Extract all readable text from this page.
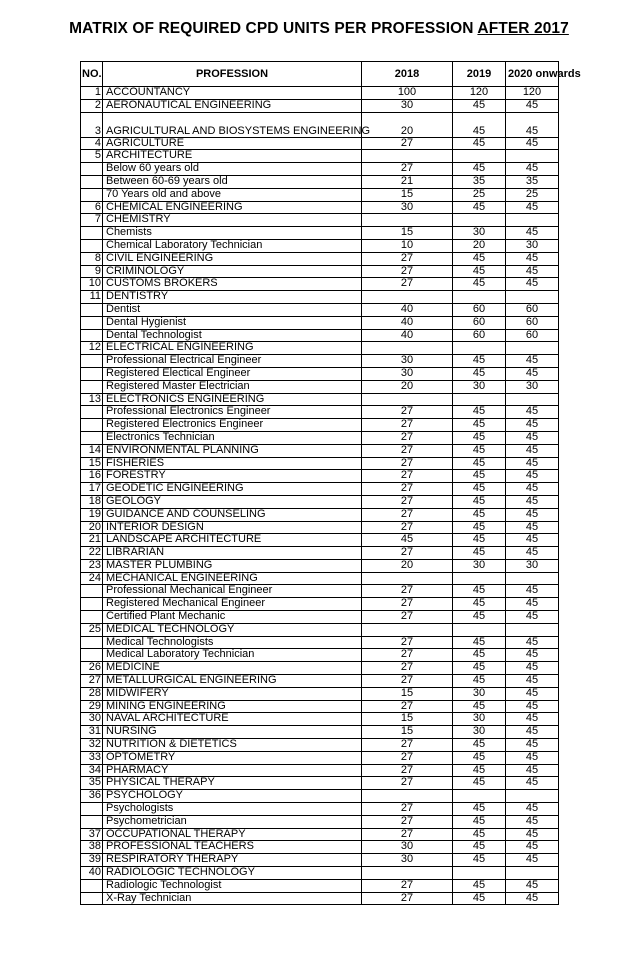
MATRIX OF REQUIRED CPD UNITS PER PROFESSION AFTER 2017
NO.	PROFESSION	2018	2019	2020 onwards
1	ACCOUNTANCY	100	120	120
2	AERONAUTICAL ENGINEERING	30	45	45
3	AGRICULTURAL AND BIOSYSTEMS ENGINEERING	20	45	45
4	AGRICULTURE	27	45	45
5	ARCHITECTURE			
	Below 60 years old	27	45	45
	Between 60-69 years old	21	35	35
	70 Years old and above	15	25	25
6	CHEMICAL ENGINEERING	30	45	45
7	CHEMISTRY			
	Chemists	15	30	45
	Chemical Laboratory Technician	10	20	30
8	CIVIL ENGINEERING	27	45	45
9	CRIMINOLOGY	27	45	45
10	CUSTOMS BROKERS	27	45	45
11	DENTISTRY			
	Dentist	40	60	60
	Dental Hygienist	40	60	60
	Dental Technologist	40	60	60
12	ELECTRICAL ENGINEERING			
	Professional Electrical Engineer	30	45	45
	Registered Electical Engineer	30	45	45
	Registered Master Electrician	20	30	30
13	ELECTRONICS ENGINEERING			
	Professional Electronics Engineer	27	45	45
	Registered Electronics Engineer	27	45	45
	Electronics Technician	27	45	45
14	ENVIRONMENTAL PLANNING	27	45	45
15	FISHERIES	27	45	45
16	FORESTRY	27	45	45
17	GEODETIC ENGINEERING	27	45	45
18	GEOLOGY	27	45	45
19	GUIDANCE AND COUNSELING	27	45	45
20	INTERIOR DESIGN	27	45	45
21	LANDSCAPE ARCHITECTURE	45	45	45
22	LIBRARIAN	27	45	45
23	MASTER PLUMBING	20	30	30
24	MECHANICAL ENGINEERING			
	Professional Mechanical Engineer	27	45	45
	Registered Mechanical Engineer	27	45	45
	Certified Plant Mechanic	27	45	45
25	MEDICAL TECHNOLOGY			
	Medical Technologists	27	45	45
	Medical Laboratory Technician	27	45	45
26	MEDICINE	27	45	45
27	METALLURGICAL ENGINEERING	27	45	45
28	MIDWIFERY	15	30	45
29	MINING ENGINEERING	27	45	45
30	NAVAL ARCHITECTURE	15	30	45
31	NURSING	15	30	45
32	NUTRITION & DIETETICS	27	45	45
33	OPTOMETRY	27	45	45
34	PHARMACY	27	45	45
35	PHYSICAL THERAPY	27	45	45
36	PSYCHOLOGY			
	Psychologists	27	45	45
	Psychometrician	27	45	45
37	OCCUPATIONAL THERAPY	27	45	45
38	PROFESSIONAL TEACHERS	30	45	45
39	RESPIRATORY THERAPY	30	45	45
40	RADIOLOGIC TECHNOLOGY			
	Radiologic Technologist	27	45	45
	X-Ray Technician	27	45	45
